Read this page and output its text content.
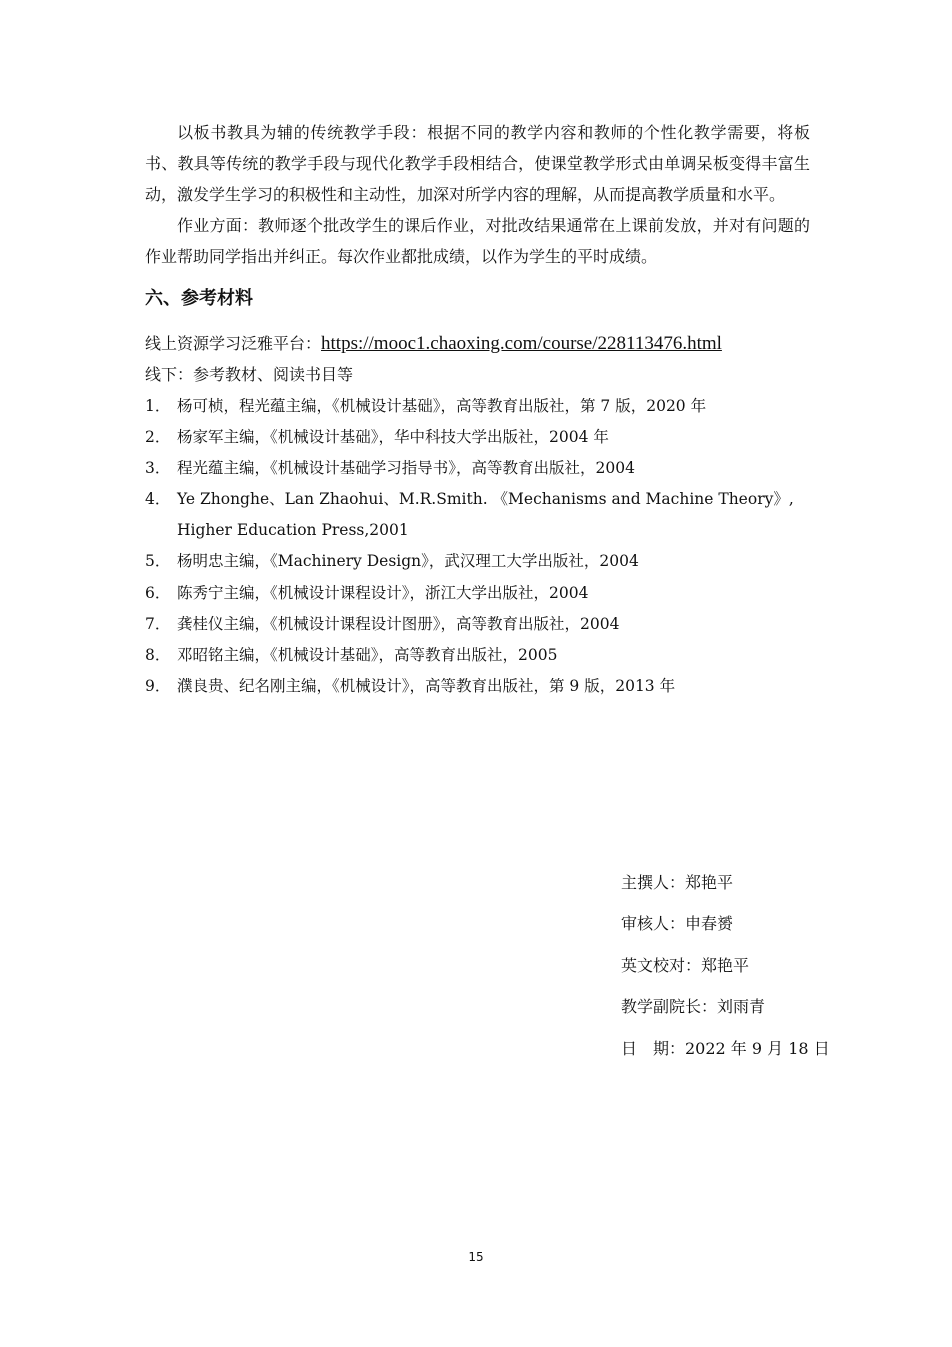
以板书教具为辅的传统教学手段：根据不同的教学内容和教师的个性化教学需要，将板书、教具等传统的教学手段与现代化教学手段相结合，使课堂教学形式由单调呆板变得丰富生动，激发学生学习的积极性和主动性，加深对所学内容的理解，从而提高教学质量和水平。

作业方面：教师逐个批改学生的课后作业，对批改结果通常在上课前发放，并对有问题的作业帮助同学指出并纠正。每次作业都批成绩，以作为学生的平时成绩。

六、参考材料
线上资源学习泛雅平台：https://mooc1.chaoxing.com/course/228113476.html
线下：参考教材、阅读书目等
1． 杨可桢，程光蕴主编，《机械设计基础》，高等教育出版社，第 7 版，2020 年
2． 杨家军主编，《机械设计基础》，华中科技大学出版社，2004 年
3． 程光蕴主编，《机械设计基础学习指导书》，高等教育出版社，2004
4． Ye Zhonghe、Lan Zhaohui、M.R.Smith. 《Mechanisms and Machine Theory》, Higher Education Press,2001
5． 杨明忠主编，《Machinery Design》，武汉理工大学出版社，2004
6． 陈秀宁主编，《机械设计课程设计》，浙江大学出版社，2004
7． 龚桂仪主编，《机械设计课程设计图册》，高等教育出版社，2004
8． 邓昭铭主编，《机械设计基础》，高等教育出版社，2005
9． 濮良贵、纪名刚主编，《机械设计》，高等教育出版社，第 9 版，2013 年
主撰人：郑艳平
审核人：申春赟
英文校对：郑艳平
教学副院长：刘雨青
日　期：2022 年 9 月 18 日
15
